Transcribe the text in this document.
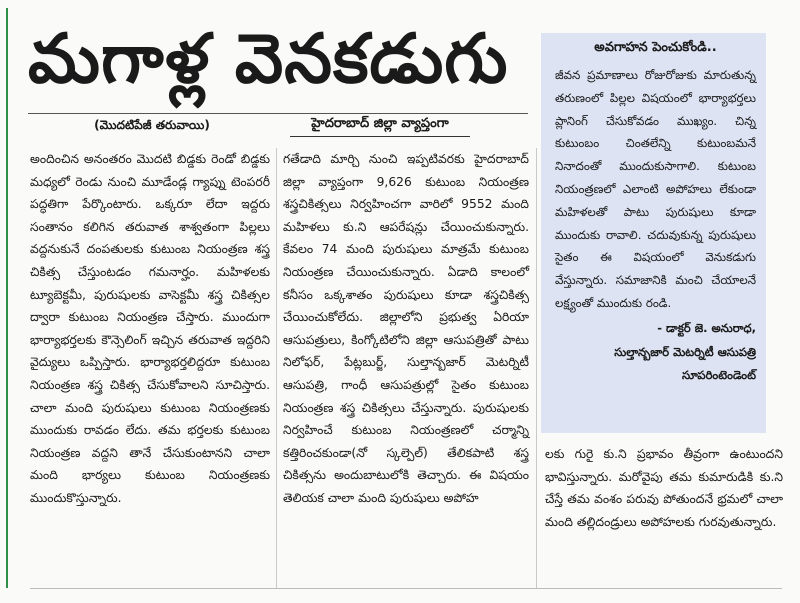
మగాళ్ల వెనకడుగు
(మొదటిపేజీ తరువాయి)	హైదరాబాద్ జిల్లా వ్యాప్తంగా

అందించిన అనంతరం మొదటి బిడ్డకు రెండో బిడ్డకు మధ్యలో రెండు నుంచి మూడేండ్ల గ్యాప్ను టెంపరరీ పద్ధతిగా పేర్కొంటారు. ఒక్కరూ లేదా ఇద్దరు సంతానం కలిగిన తరువాత శాశ్వతంగా పిల్లలు వద్దనుకునే దంపతులకు కుటుంబ నియంత్రణ శస్త్ర చికిత్స చేస్తుంటడం గమనార్హం. మహిళలకు ట్యూబెక్టమీ, పురుషులకు వాసెక్టమీ శస్త్ర చికిత్సల ద్వారా కుటుంబ నియంత్రణ చేస్తారు. ముందుగా భార్యాభర్తలకు కౌన్సెలింగ్ ఇచ్చిన తరువాత ఇద్దరిని వైద్యులు ఒప్పిస్తారు. భార్యాభర్తలిద్దరూ కుటుంబ నియంత్రణ శస్త్ర చికిత్స చేసుకోవాలని సూచిస్తారు. చాలా మంది పురుషులు కుటుంబ నియంత్రణకు ముందుకు రావడం లేదు. తమ భర్తలకు కుటుంబ నియంత్రణ వద్దని తానే చేసుకుంటానని చాలా మంది భార్యలు కుటుంబ నియంత్రణకు ముందుకొస్తున్నారు.

గతేడాది మార్చి నుంచి ఇప్పటివరకు హైదరాబాద్ జిల్లా వ్యాప్తంగా 9,626 కుటుంబ నియంత్రణ శస్త్రచికిత్సలు నిర్వహించగా వారిలో 9552 మంది మహిళలు కు.ని ఆపరేషన్లు చేయించుకున్నారు. కేవలం 74 మంది పురుషులు మాత్రమే కుటుంబ నియంత్రణ చేయించుకున్నారు. ఏడాది కాలంలో కనీసం ఒక్కశాతం పురుషులు కూడా శస్త్రచికిత్స చేయించుకోలేదు. జిల్లాలోని ప్రభుత్వ ఏరియా ఆసుపత్రులు, కింగ్కోటిలోని జిల్లా ఆసుపత్రితో పాటు నిలోఫర్, పేట్లబుర్జ్, సుల్తాన్బజార్ మెటర్నిటీ ఆసుపత్రి, గాంధీ ఆసుపత్రుల్లో సైతం కుటుంబ నియంత్రణ శస్త్ర చికిత్సలు చేస్తున్నారు. పురుషులకు నిర్వహించే కుటుంబ నియంత్రణలో చర్మాన్ని కత్తిరించకుండా(నో స్కల్పెల్) తేలికపాటి శస్త్ర చికిత్సను అందుబాటులోకి తెచ్చారు. ఈ విషయం తెలియక చాలా మంది పురుషులు అపోహ

అవగాహన పెంచుకోండి..
జీవన ప్రమాణాలు రోజురోజుకు మారుతున్న తరుణంలో పిల్లల విషయంలో భార్యాభర్తలు ప్లానింగ్ చేసుకోవడం ముఖ్యం. చిన్న కుటుంబం చింతలేన్ని కుటుంబమనే నినాదంతో ముందుకుసాగాలి. కుటుంబ నియంత్రణలో ఎలాంటి అపోహలు లేకుండా మహిళలతో పాటు పురుషులు కూడా ముందుకు రావాలి. చదువుకున్న పురుషులు సైతం ఈ విషయంలో వెనుకడుగు వేస్తున్నారు. సమాజానికి మంచి చేయాలనే లక్ష్యంతో ముందుకు రండి.
- డాక్టర్ జె. అనురాధ,
సుల్తాన్బజార్ మెటర్నిటీ ఆసుపత్రి సూపరింటెండెంట్

లకు గురై కు.ని ప్రభావం తీవ్రంగా ఉంటుందని భావిస్తున్నారు. మరోవైపు తమ కుమారుడికి కు.ని చేస్తే తమ వంశం పరువు పోతుందనే భ్రమలో చాలా మంది తల్లిదండ్రులు అపోహలకు గురవుతున్నారు.
